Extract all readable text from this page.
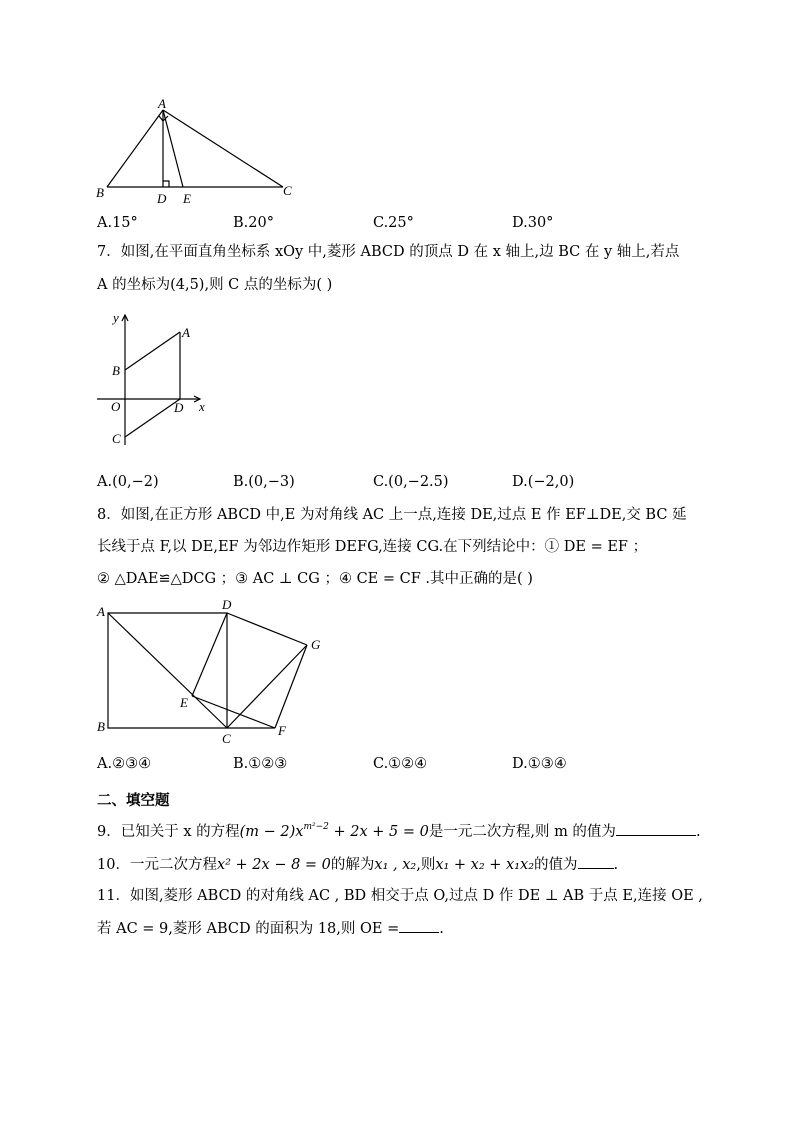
A
B	C
D E
A.15°	B.20°	C.25°	D.30°
7．如图,在平面直角坐标系 xOy 中,菱形 ABCD 的顶点 D 在 x 轴上,边 BC 在 y 轴上,若点
A 的坐标为(4,5),则 C 点的坐标为( )
y
A
B
O	D x
C
A.(0,−2)	B.(0,−3)	C.(0,−2.5)	D.(−2,0)
8．如图,在正方形 ABCD 中,E 为对角线 AC 上一点,连接 DE,过点 E 作 EF⊥DE,交 BC 延
长线于点 F,以 DE,EF 为邻边作矩形 DEFG,连接 CG.在下列结论中：① DE = EF ；
② △DAE≌△DCG ；③ AC ⊥ CG ；④ CE = CF .其中正确的是( )
A	D
G
E
B
C
F
A.②③④	B.①②③	C.①②④	D.①③④
二、填空题
9．已知关于 x 的方程$(m - 2)x^{m^2-2} + 2x + 5 = 0$是一元二次方程,则 m 的值为	.
10．一元二次方程x² + 2x − 8 = 0的解为x₁ , x₂,则x₁ + x₂ + x₁x₂的值为 .
11．如图,菱形 ABCD 的对角线 AC , BD 相交于点 O,过点 D 作 DE ⊥ AB 于点 E,连接 OE ,
若 AC = 9,菱形 ABCD 的面积为 18,则 OE =	.
